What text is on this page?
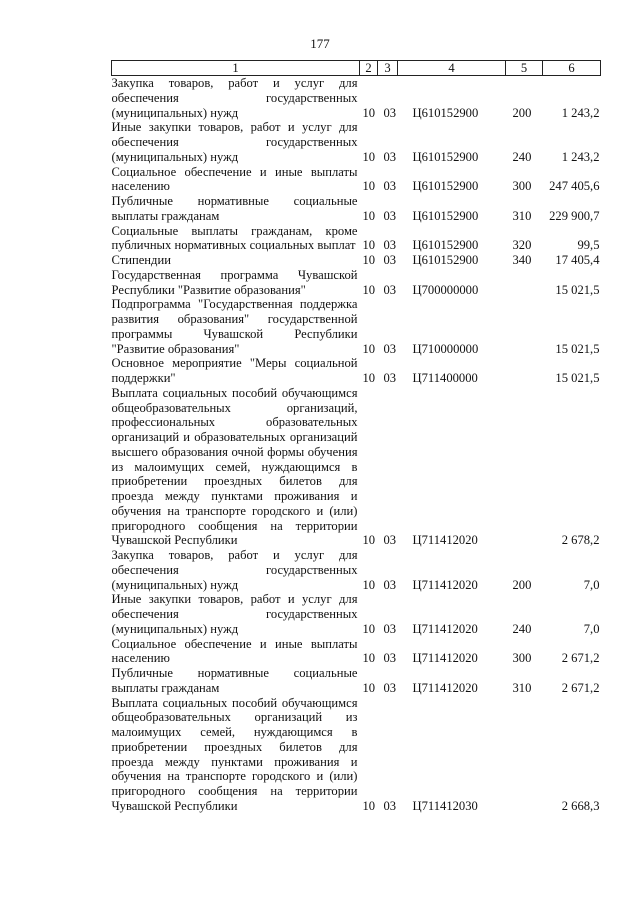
177
1	2	3	4	5	6
Закупка товаров, работ и услуг для обеспечения государственных (муниципальных) нужд	10	03	Ц610152900	200	1 243,2
Иные закупки товаров, работ и услуг для обеспечения государственных (муниципальных) нужд	10	03	Ц610152900	240	1 243,2
Социальное обеспечение и иные выплаты населению	10	03	Ц610152900	300	247 405,6
Публичные нормативные социальные выплаты гражданам	10	03	Ц610152900	310	229 900,7
Социальные выплаты гражданам, кроме публичных нормативных социальных выплат	10	03	Ц610152900	320	99,5
Стипендии	10	03	Ц610152900	340	17 405,4
Государственная программа Чувашской Республики "Развитие образования"	10	03	Ц700000000		15 021,5
Подпрограмма "Государственная поддержка развития образования" государственной программы Чувашской Республики "Развитие образования"	10	03	Ц710000000		15 021,5
Основное мероприятие "Меры социальной поддержки"	10	03	Ц711400000		15 021,5
Выплата социальных пособий обучающимся общеобразовательных организаций, профессиональных образовательных организаций и образовательных организаций высшего образования очной формы обучения из малоимущих семей, нуждающимся в приобретении проездных билетов для проезда между пунктами проживания и обучения на транспорте городского и (или) пригородного сообщения на территории Чувашской Республики	10	03	Ц711412020		2 678,2
Закупка товаров, работ и услуг для обеспечения государственных (муниципальных) нужд	10	03	Ц711412020	200	7,0
Иные закупки товаров, работ и услуг для обеспечения государственных (муниципальных) нужд	10	03	Ц711412020	240	7,0
Социальное обеспечение и иные выплаты населению	10	03	Ц711412020	300	2 671,2
Публичные нормативные социальные выплаты гражданам	10	03	Ц711412020	310	2 671,2
Выплата социальных пособий обучающимся общеобразовательных организаций из малоимущих семей, нуждающимся в приобретении проездных билетов для проезда между пунктами проживания и обучения на транспорте городского и (или) пригородного сообщения на территории Чувашской Республики	10	03	Ц711412030		2 668,3
